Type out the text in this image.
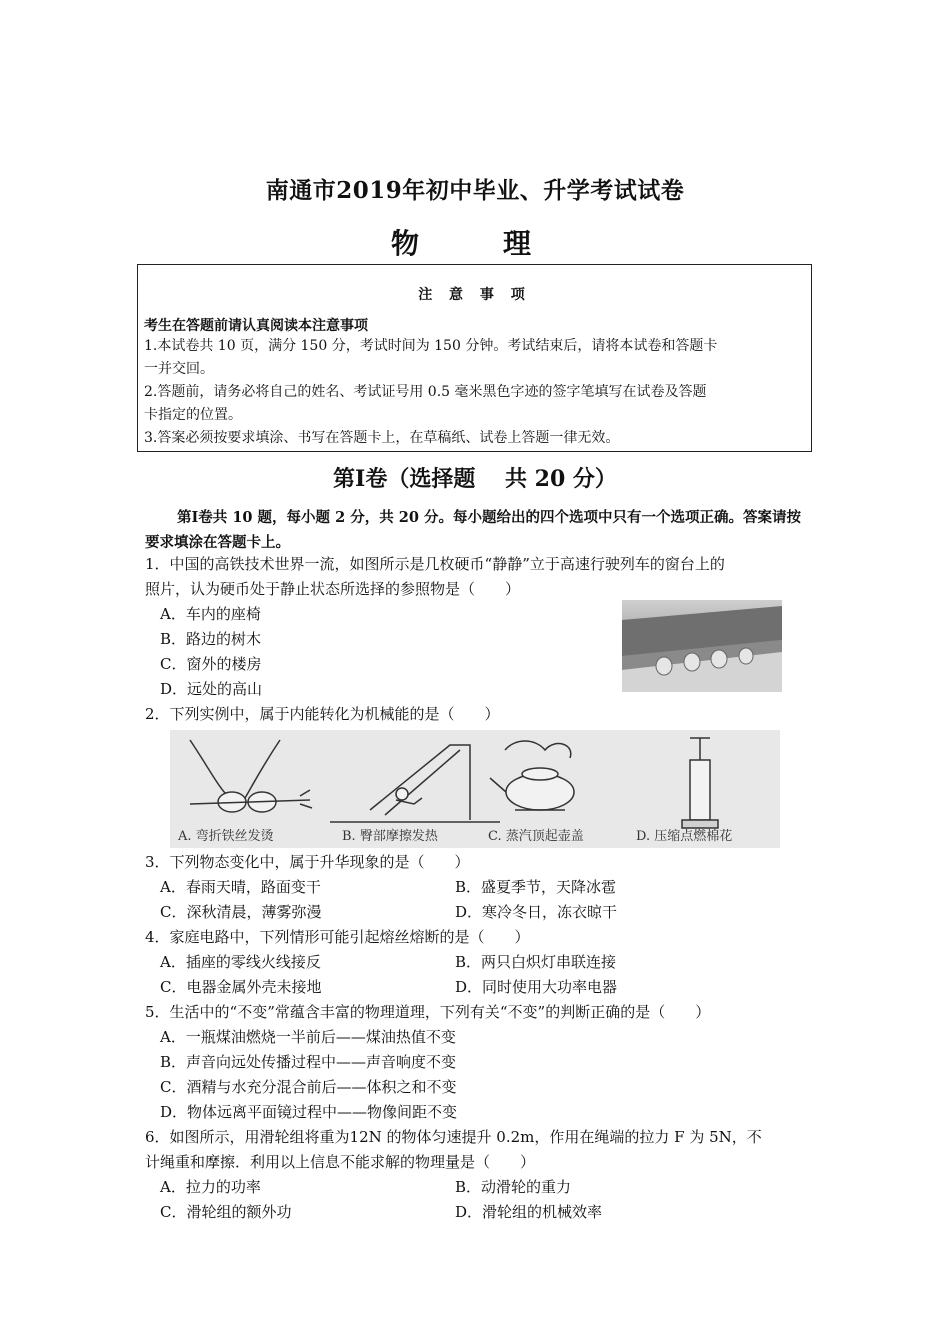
南通市2019年初中毕业、升学考试试卷
物　理
注 意 事 项
考生在答题前请认真阅读本注意事项
1.本试卷共 10 页，满分 150 分，考试时间为 150 分钟。考试结束后，请将本试卷和答题卡
一并交回。
2.答题前，请务必将自己的姓名、考试证号用 0.5 毫米黑色字迹的签字笔填写在试卷及答题
卡指定的位置。
3.答案必须按要求填涂、书写在答题卡上，在草稿纸、试卷上答题一律无效。
第Ⅰ卷（选择题　 共 20 分）
第Ⅰ卷共 10 题，每小题 2 分，共 20 分。每小题给出的四个选项中只有一个选项正确。答案请按要求填涂在答题卡上。
1．中国的高铁技术世界一流，如图所示是几枚硬币“静静”立于高速行驶列车的窗台上的
照片，认为硬币处于静止状态所选择的参照物是（　　）
A．车内的座椅
B．路边的树木
C．窗外的楼房
D．远处的高山
2．下列实例中，属于内能转化为机械能的是（　　）
A. 弯折铁丝发烫	B. 臀部摩擦发热	C. 蒸汽顶起壶盖	D. 压缩点燃棉花
3．下列物态变化中，属于升华现象的是（　　）
A．春雨天晴，路面变干	B．盛夏季节，天降冰雹
C．深秋清晨，薄雾弥漫	D．寒冷冬日，冻衣晾干
4．家庭电路中，下列情形可能引起熔丝熔断的是（　　）
A．插座的零线火线接反	B．两只白炽灯串联连接
C．电器金属外壳未接地	D．同时使用大功率电器
5．生活中的“不变”常蕴含丰富的物理道理，下列有关“不变”的判断正确的是（　　）
A．一瓶煤油燃烧一半前后——煤油热值不变
B．声音向远处传播过程中——声音响度不变
C．酒精与水充分混合前后——体积之和不变
D．物体远离平面镜过程中——物像间距不变
6．如图所示，用滑轮组将重为12N 的物体匀速提升 0.2m，作用在绳端的拉力 F 为 5N，不
计绳重和摩擦．利用以上信息不能求解的物理量是（　　）
A．拉力的功率	B．动滑轮的重力
C．滑轮组的额外功	D．滑轮组的机械效率
